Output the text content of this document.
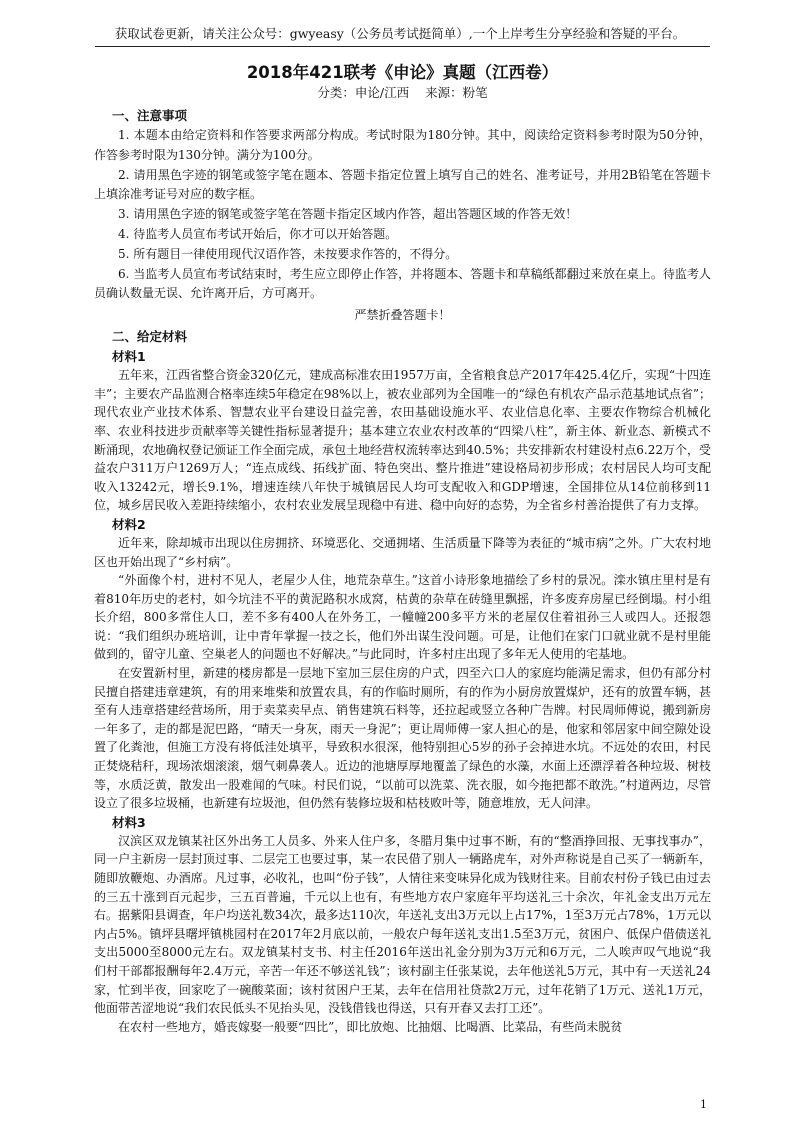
获取试卷更新，请关注公众号：gwyeasy（公务员考试挺简单）,一个上岸考生分享经验和答疑的平台。
2018年421联考《申论》真题（江西卷）

分类：申论/江西 来源：粉笔

一、注意事项

1. 本题本由给定资料和作答要求两部分构成。考试时限为180分钟。其中，阅读给定资料参考时限为50分钟，作答参考时限为130分钟。满分为100分。

2. 请用黑色字迹的钢笔或签字笔在题本、答题卡指定位置上填写自己的姓名、准考证号，并用2B铅笔在答题卡上填涂准考证号对应的数字框。

3. 请用黑色字迹的钢笔或签字笔在答题卡指定区域内作答，超出答题区域的作答无效！

4. 待监考人员宣布考试开始后，你才可以开始答题。

5. 所有题目一律使用现代汉语作答，未按要求作答的，不得分。

6. 当监考人员宣布考试结束时，考生应立即停止作答，并将题本、答题卡和草稿纸都翻过来放在桌上。待监考人员确认数量无误、允许离开后，方可离开。

严禁折叠答题卡！

二、给定材料
材料1

五年来，江西省整合资金320亿元，建成高标准农田1957万亩，全省粮食总产2017年425.4亿斤，实现“十四连丰”；主要农产品监测合格率连续5年稳定在98%以上，被农业部列为全国唯一的“绿色有机农产品示范基地试点省”；现代农业产业技术体系、智慧农业平台建设日益完善，农田基础设施水平、农业信息化率、主要农作物综合机械化率、农业科技进步贡献率等关键性指标显著提升；基本建立农业农村改革的“四梁八柱”，新主体、新业态、新模式不断涌现，农地确权登记颁证工作全面完成，承包土地经营权流转率达到40.5%；共安排新农村建设村点6.22万个，受益农户311万户1269万人；“连点成线、拓线扩面、特色突出、整片推进”建设格局初步形成；农村居民人均可支配收入13242元，增长9.1%，增速连续八年快于城镇居民人均可支配收入和GDP增速，全国排位从14位前移到11位，城乡居民收入差距持续缩小，农村农业发展呈现稳中有进、稳中向好的态势，为全省乡村善治提供了有力支撑。

材料2

近年来，除却城市出现以住房拥挤、环境恶化、交通拥堵、生活质量下降等为表征的“城市病”之外。广大农村地区也开始出现了“乡村病”。

“外面像个村，进村不见人，老屋少人住，地荒杂草生。”这首小诗形象地描绘了乡村的景况。滦水镇庄里村是有着810年历史的老村，如今坑洼不平的黄泥路积水成窝，枯黄的杂草在砖缝里飘摇，许多废弃房屋已经倒塌。村小组长介绍，800多常住人口，差不多有400人在外务工，一幢幢200多平方米的老屋仅住着祖孙三人或四人。还报怨说：“我们组织办班培训，让中青年掌握一技之长，他们外出谋生没问题。可是，让他们在家门口就业就不是村里能做到的，留守儿童、空巢老人的问题也不好解决。”与此同时，许多村庄出现了多年无人使用的宅基地。

在安置新村里，新建的楼房都是一层地下室加三层住房的户式，四至六口人的家庭均能满足需求，但仍有部分村民擅自搭建违章建筑，有的用来堆柴和放置农具，有的作临时厕所，有的作为小厨房放置煤炉，还有的放置车辆，甚至有人违章搭建经营场所，用于卖菜卖早点、销售建筑石料等，还拉起或竖立各种广告牌。村民周师傅说，搬到新房一年多了，走的都是泥巴路，“晴天一身灰，雨天一身泥”；更让周师傅一家人担心的是，他家和邻居家中间空隙处设置了化粪池，但施工方没有将低洼处填平，导致积水很深，他特别担心5岁的孙子会掉进水坑。不远处的农田，村民正焚烧秸秆，现场浓烟滚滚，烟气刺鼻袭人。近边的池塘厚厚地覆盖了绿色的水藻，水面上还漂浮着各种垃圾、树枝等，水质泛黄，散发出一股难闻的气味。村民们说，“以前可以洗菜、洗衣服，如今拖把都不敢洗。”村道两边，尽管设立了很多垃圾桶，也新建有垃圾池，但仍然有装修垃圾和枯枝败叶等，随意堆放，无人问津。

材料3

汉滨区双龙镇某社区外出务工人员多、外来人住户多，冬腊月集中过事不断，有的“整酒挣回报、无事找事办”，同一户主新房一层封顶过事、二层完工也要过事，某一农民借了别人一辆路虎车，对外声称说是自己买了一辆新车，随即放鞭炮、办酒席。凡过事，必收礼，也叫“份子钱”，人情往来变味异化成为钱财往来。目前农村份子钱已由过去的三五十涨到百元起步，三五百普遍，千元以上也有，有些地方农户家庭年平均送礼三十余次，年礼金支出万元左右。据紫阳县调查，年户均送礼数34次，最多达110次，年送礼支出3万元以上占17%，1至3万元占78%，1万元以内占5%。镇坪县曙坪镇桃园村在2017年2月底以前，一般农户每年送礼支出1.5至3万元，贫困户、低保户借债送礼支出5000至8000元左右。双龙镇某村支书、村主任2016年送出礼金分别为3万元和6万元，二人唉声叹气地说“我们村干部都报酬每年2.4万元，辛苦一年还不够送礼钱”；该村副主任张某说，去年他送礼5万元，其中有一天送礼24家，忙到半夜，回家吃了一碗酸菜面；该村贫困户王某，去年在信用社贷款2万元，过年花销了1万元、送礼1万元，他面带苦涩地说“我们农民低头不见抬头见，没钱借钱也得送，只有开春又去打工还”。

在农村一些地方，婚丧嫁娶一般要“四比”，即比放炮、比抽烟、比喝酒、比菜品，有些尚未脱贫

1
